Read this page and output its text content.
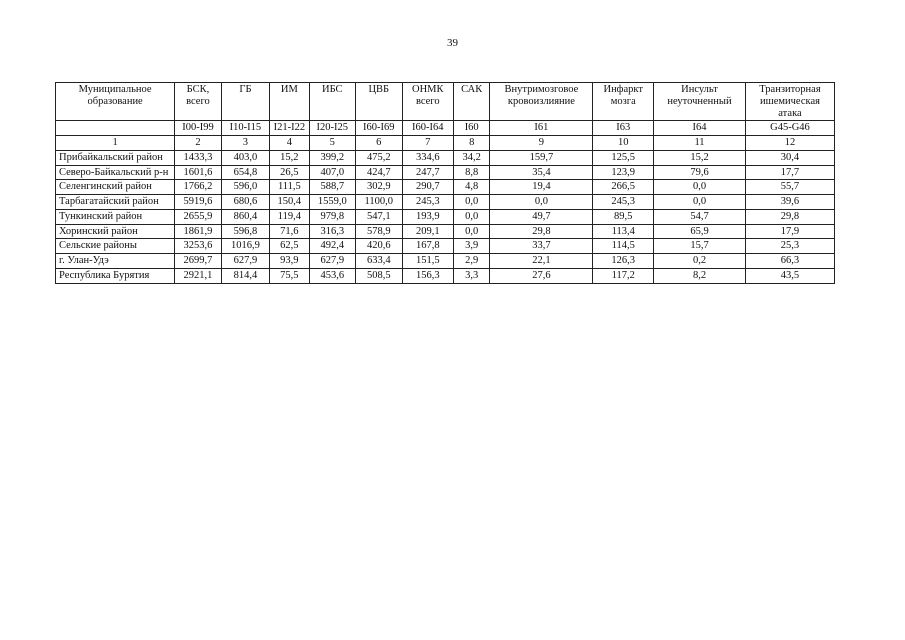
39
Муниципальное образование	БСК, всего	ГБ	ИМ	ИБС	ЦВБ	ОНМК всего	САК	Внутримозговое кровоизлияние	Инфаркт мозга	Инсульт неуточненный	Транзиторная ишемическая атака
	I00-I99	I10-I15	I21-I22	I20-I25	I60-I69	I60-I64	I60	I61	I63	I64	G45-G46
1	2	3	4	5	6	7	8	9	10	11	12
Прибайкальский район	1433,3	403,0	15,2	399,2	475,2	334,6	34,2	159,7	125,5	15,2	30,4
Северо-Байкальский р-н	1601,6	654,8	26,5	407,0	424,7	247,7	8,8	35,4	123,9	79,6	17,7
Селенгинский район	1766,2	596,0	111,5	588,7	302,9	290,7	4,8	19,4	266,5	0,0	55,7
Тарбагатайский район	5919,6	680,6	150,4	1559,0	1100,0	245,3	0,0	0,0	245,3	0,0	39,6
Тункинский район	2655,9	860,4	119,4	979,8	547,1	193,9	0,0	49,7	89,5	54,7	29,8
Хоринский район	1861,9	596,8	71,6	316,3	578,9	209,1	0,0	29,8	113,4	65,9	17,9
Сельские районы	3253,6	1016,9	62,5	492,4	420,6	167,8	3,9	33,7	114,5	15,7	25,3
г. Улан-Удэ	2699,7	627,9	93,9	627,9	633,4	151,5	2,9	22,1	126,3	0,2	66,3
Республика Бурятия	2921,1	814,4	75,5	453,6	508,5	156,3	3,3	27,6	117,2	8,2	43,5
